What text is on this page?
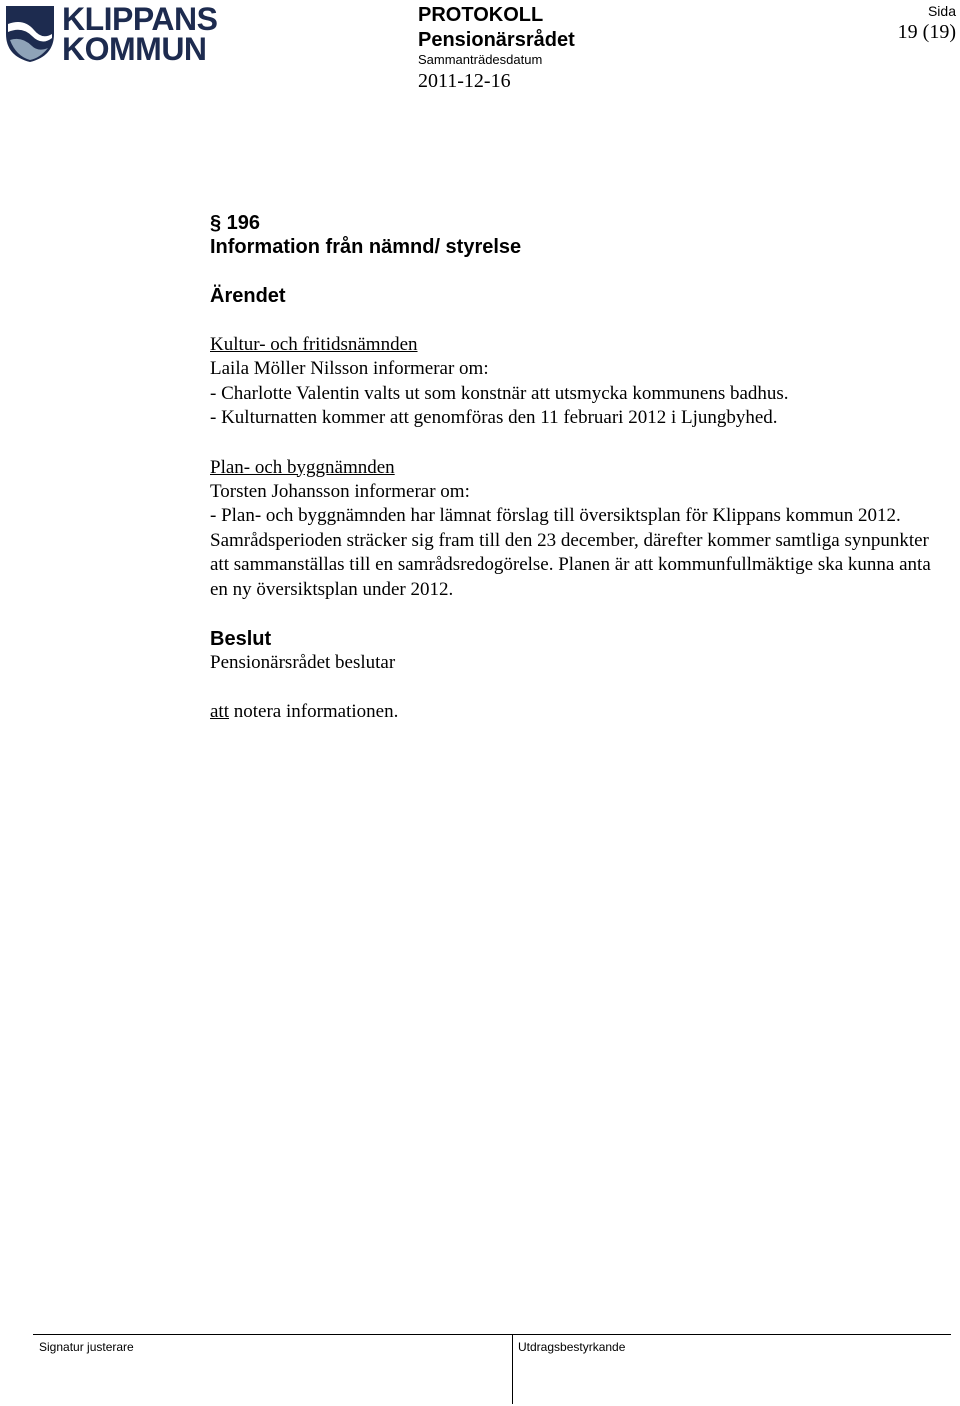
KLIPPANS
KOMMUN
PROTOKOLL
Pensionärsrådet
Sammanträdesdatum
2011-12-16
Sida
19 (19)

§ 196

Information från nämnd/ styrelse

Ärendet

Kultur- och fritidsnämnden

Laila Möller Nilsson informerar om:

- Charlotte Valentin valts ut som konstnär att utsmycka kommunens badhus.

- Kulturnatten kommer att genomföras den 11 februari 2012 i Ljungbyhed.

Plan- och byggnämnden

Torsten Johansson informerar om:

- Plan- och byggnämnden har lämnat förslag till översiktsplan för Klippans kommun 2012. Samrådsperioden sträcker sig fram till den 23 december, därefter kommer samtliga synpunkter att sammanställas till en samrådsredogörelse. Planen är att kommunfullmäktige ska kunna anta en ny översiktsplan under 2012.

Beslut

Pensionärsrådet beslutar

att notera informationen.

Signatur justerare	Utdragsbestyrkande
